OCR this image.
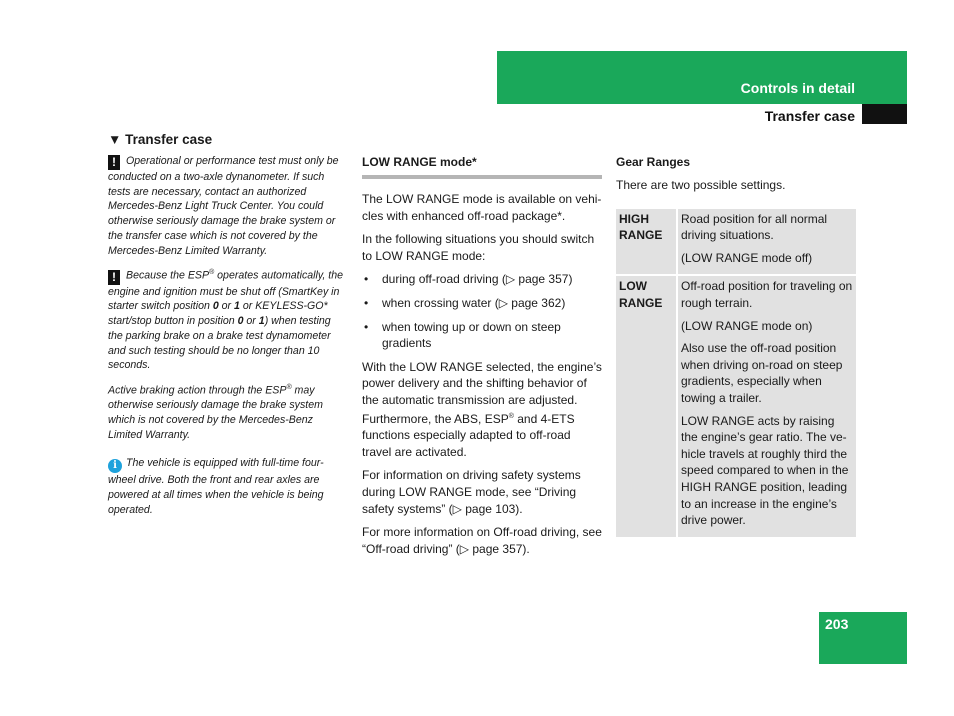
Controls in detail
Transfer case
▼ Transfer case

! Operational or performance test must only be conducted on a two-axle dynanometer. If such tests are necessary, contact an authorized Mercedes-Benz Light Truck Center. You could otherwise seriously damage the brake system or the transfer case which is not covered by the Mercedes-Benz Limited Warranty.

! Because the ESP® operates automatically, the engine and ignition must be shut off (SmartKey in starter switch position 0 or 1 or KEYLESS-GO* start/stop button in position 0 or 1) when testing the parking brake on a brake test dynamometer and such testing should be no longer than 10 seconds.

Active braking action through the ESP® may otherwise seriously damage the brake system which is not covered by the Mercedes-Benz Limited Warranty.

i The vehicle is equipped with full-time four-wheel drive. Both the front and rear axles are powered at all times when the vehicle is being operated.

LOW RANGE mode*

The LOW RANGE mode is available on vehi-cles with enhanced off-road package*.

In the following situations you should switch to LOW RANGE mode:

• during off-road driving (▷ page 357)
• when crossing water (▷ page 362)
• when towing up or down on steep gradients

With the LOW RANGE selected, the engine’s power delivery and the shifting behavior of the automatic transmission are adjusted. Furthermore, the ABS, ESP® and 4-ETS functions especially adapted to off-road travel are activated.

For information on driving safety systems during LOW RANGE mode, see “Driving safety systems” (▷ page 103).

For more information on Off-road driving, see “Off-road driving” (▷ page 357).

Gear Ranges

There are two possible settings.

HIGH RANGE	Road position for all normal driving situations.
(LOW RANGE mode off)

LOW RANGE	Off-road position for traveling on rough terrain.
(LOW RANGE mode on)
Also use the off-road position when driving on-road on steep gradients, especially when towing a trailer.
LOW RANGE acts by raising the engine’s gear ratio. The ve-hicle travels at roughly third the speed compared to when in the HIGH RANGE position, leading to an increase in the engine’s drive power.
203
